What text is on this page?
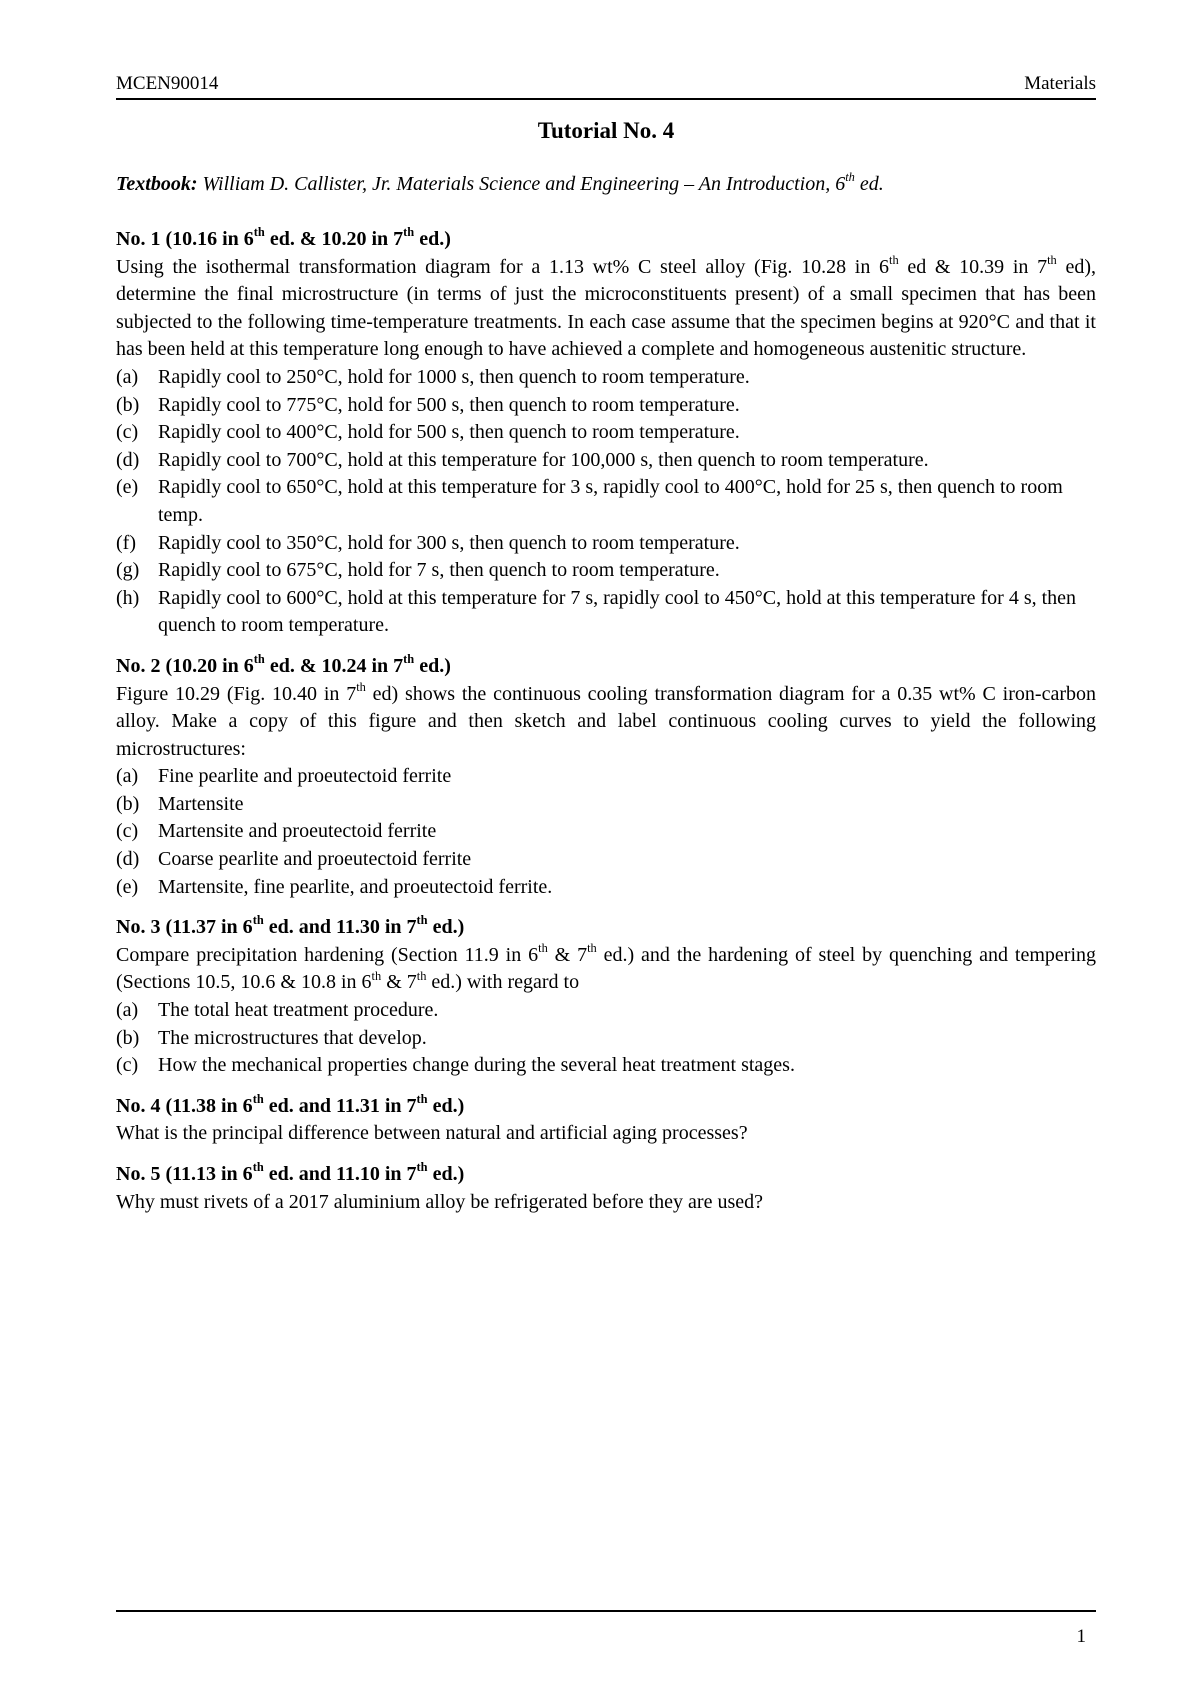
MCEN90014	Materials
Tutorial No. 4
Textbook: William D. Callister, Jr. Materials Science and Engineering – An Introduction, 6th ed.
No. 1 (10.16 in 6th ed. & 10.20 in 7th ed.)
Using the isothermal transformation diagram for a 1.13 wt% C steel alloy (Fig. 10.28 in 6th ed & 10.39 in 7th ed), determine the final microstructure (in terms of just the microconstituents present) of a small specimen that has been subjected to the following time-temperature treatments. In each case assume that the specimen begins at 920°C and that it has been held at this temperature long enough to have achieved a complete and homogeneous austenitic structure.
(a) Rapidly cool to 250°C, hold for 1000 s, then quench to room temperature.
(b) Rapidly cool to 775°C, hold for 500 s, then quench to room temperature.
(c) Rapidly cool to 400°C, hold for 500 s, then quench to room temperature.
(d) Rapidly cool to 700°C, hold at this temperature for 100,000 s, then quench to room temperature.
(e) Rapidly cool to 650°C, hold at this temperature for 3 s, rapidly cool to 400°C, hold for 25 s, then quench to room temp.
(f)	Rapidly cool to 350°C, hold for 300 s, then quench to room temperature.
(g) Rapidly cool to 675°C, hold for 7 s, then quench to room temperature.
(h) Rapidly cool to 600°C, hold at this temperature for 7 s, rapidly cool to 450°C, hold at this temperature for 4 s, then quench to room temperature.
No. 2 (10.20 in 6th ed. & 10.24 in 7th ed.)
Figure 10.29 (Fig. 10.40 in 7th ed) shows the continuous cooling transformation diagram for a 0.35 wt% C iron-carbon alloy. Make a copy of this figure and then sketch and label continuous cooling curves to yield the following microstructures:
(a) Fine pearlite and proeutectoid ferrite
(b) Martensite
(c) Martensite and proeutectoid ferrite
(d) Coarse pearlite and proeutectoid ferrite
(e) Martensite, fine pearlite, and proeutectoid ferrite.
No. 3 (11.37 in 6th ed. and 11.30 in 7th ed.)
Compare precipitation hardening (Section 11.9 in 6th & 7th ed.) and the hardening of steel by quenching and tempering (Sections 10.5, 10.6 & 10.8 in 6th & 7th ed.) with regard to
(a) The total heat treatment procedure.
(b) The microstructures that develop.
(c) How the mechanical properties change during the several heat treatment stages.
No. 4 (11.38 in 6th ed. and 11.31 in 7th ed.)
What is the principal difference between natural and artificial aging processes?
No. 5 (11.13 in 6th ed. and 11.10 in 7th ed.)
Why must rivets of a 2017 aluminium alloy be refrigerated before they are used?
1
